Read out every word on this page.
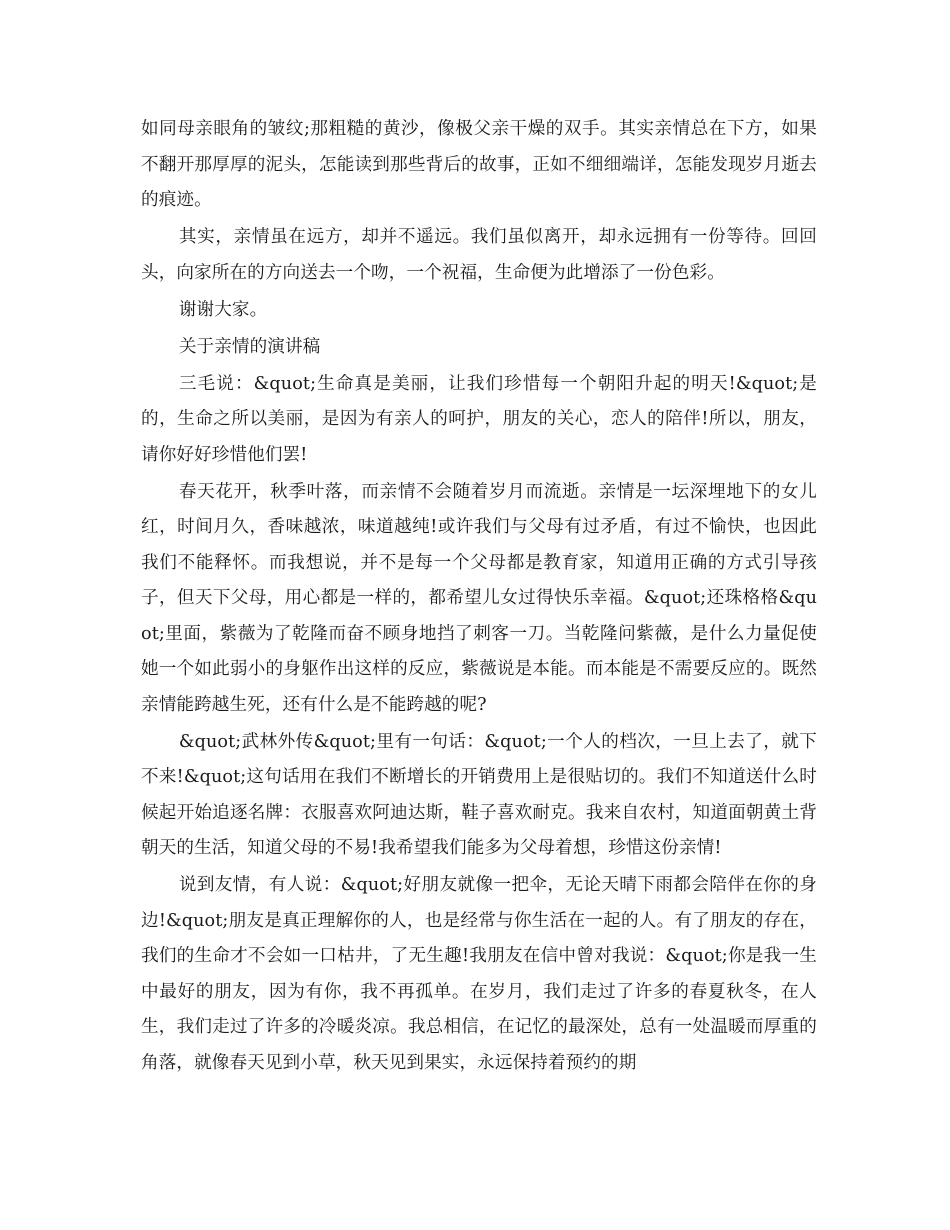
如同母亲眼角的皱纹;那粗糙的黄沙，像极父亲干燥的双手。其实亲情总在下方，如果不翻开那厚厚的泥头，怎能读到那些背后的故事，正如不细细端详，怎能发现岁月逝去的痕迹。

其实，亲情虽在远方，却并不遥远。我们虽似离开，却永远拥有一份等待。回回头，向家所在的方向送去一个吻，一个祝福，生命便为此增添了一份色彩。

谢谢大家。

关于亲情的演讲稿

三毛说：&quot;生命真是美丽，让我们珍惜每一个朝阳升起的明天!&quot;是的，生命之所以美丽，是因为有亲人的呵护，朋友的关心，恋人的陪伴!所以，朋友，请你好好珍惜他们罢!

春天花开，秋季叶落，而亲情不会随着岁月而流逝。亲情是一坛深埋地下的女儿红，时间月久，香味越浓，味道越纯!或许我们与父母有过矛盾，有过不愉快，也因此我们不能释怀。而我想说，并不是每一个父母都是教育家，知道用正确的方式引导孩子，但天下父母，用心都是一样的，都希望儿女过得快乐幸福。&quot;还珠格格&quot;里面，紫薇为了乾隆而奋不顾身地挡了刺客一刀。当乾隆问紫薇，是什么力量促使她一个如此弱小的身躯作出这样的反应，紫薇说是本能。而本能是不需要反应的。既然亲情能跨越生死，还有什么是不能跨越的呢?

&quot;武林外传&quot;里有一句话：&quot;一个人的档次，一旦上去了，就下不来!&quot;这句话用在我们不断增长的开销费用上是很贴切的。我们不知道送什么时候起开始追逐名牌：衣服喜欢阿迪达斯，鞋子喜欢耐克。我来自农村，知道面朝黄土背朝天的生活，知道父母的不易!我希望我们能多为父母着想，珍惜这份亲情!

说到友情，有人说：&quot;好朋友就像一把伞，无论天晴下雨都会陪伴在你的身边!&quot;朋友是真正理解你的人，也是经常与你生活在一起的人。有了朋友的存在，我们的生命才不会如一口枯井，了无生趣!我朋友在信中曾对我说：&quot;你是我一生中最好的朋友，因为有你，我不再孤单。在岁月，我们走过了许多的春夏秋冬，在人生，我们走过了许多的冷暖炎凉。我总相信，在记忆的最深处，总有一处温暖而厚重的角落，就像春天见到小草，秋天见到果实，永远保持着预约的期
